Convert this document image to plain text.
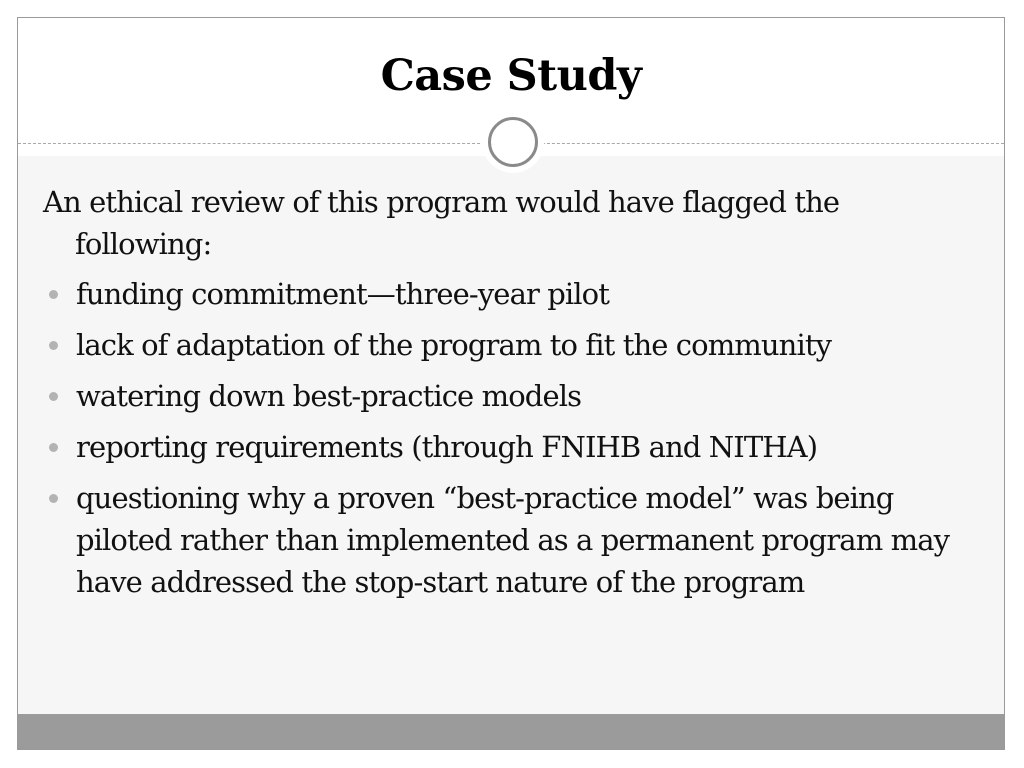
Case Study

An ethical review of this program would have flagged the following:

funding commitment—three-year pilot
lack of adaptation of the program to fit the community
watering down best-practice models
reporting requirements (through FNIHB and NITHA)
questioning why a proven “best-practice model” was being piloted rather than implemented as a permanent program may have addressed the stop-start nature of the program
